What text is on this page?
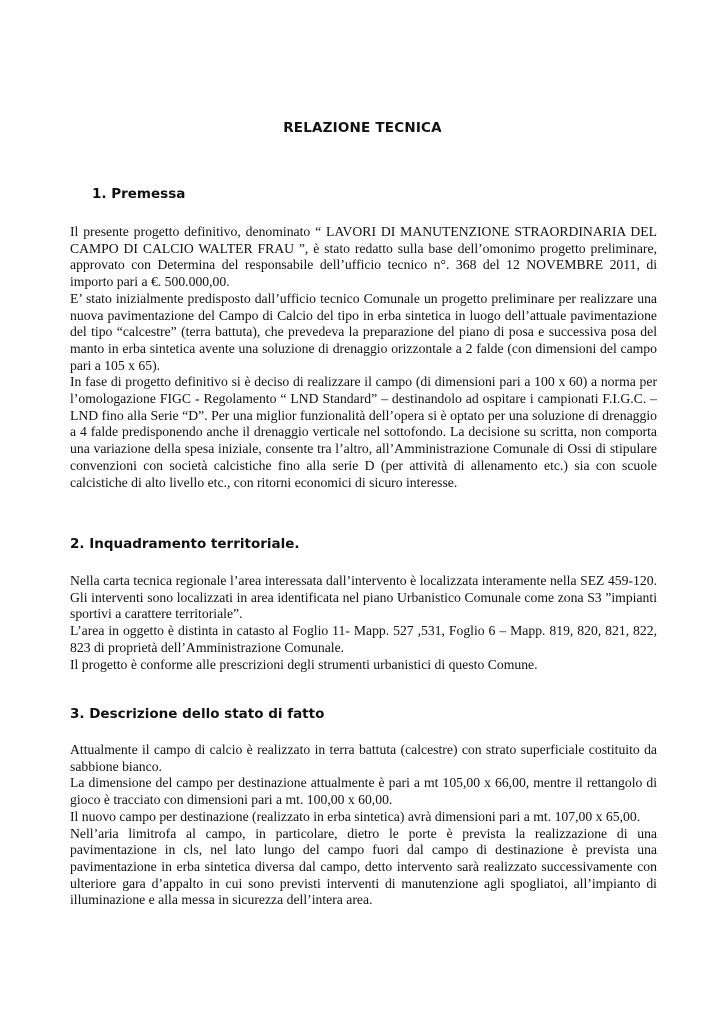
RELAZIONE TECNICA
1. Premessa

Il presente progetto definitivo, denominato “ LAVORI DI MANUTENZIONE STRAORDINARIA DEL CAMPO DI CALCIO WALTER FRAU ”, è stato redatto sulla base dell’omonimo progetto preliminare, approvato con Determina del responsabile dell’ufficio tecnico n°. 368 del 12 NOVEMBRE 2011, di importo pari a €. 500.000,00.

E’ stato inizialmente predisposto dall’ufficio tecnico Comunale un progetto preliminare per realizzare una nuova pavimentazione del Campo di Calcio del tipo in erba sintetica in luogo dell’attuale pavimentazione del tipo “calcestre” (terra battuta), che prevedeva la preparazione del piano di posa e successiva posa del manto in erba sintetica avente una soluzione di drenaggio orizzontale a 2 falde (con dimensioni del campo pari a 105 x 65).

In fase di progetto definitivo si è deciso di realizzare il campo (di dimensioni pari a 100 x 60) a norma per l’omologazione FIGC - Regolamento “ LND Standard” – destinandolo ad ospitare i campionati F.I.G.C. – LND fino alla Serie “D”. Per una miglior funzionalità dell’opera si è optato per una soluzione di drenaggio a 4 falde predisponendo anche il drenaggio verticale nel sottofondo. La decisione su scritta, non comporta una variazione della spesa iniziale, consente tra l’altro, all’Amministrazione Comunale di Ossi di stipulare convenzioni con società calcistiche fino alla serie D (per attività di allenamento etc.) sia con scuole calcistiche di alto livello etc., con ritorni economici di sicuro interesse.

2. Inquadramento territoriale.

Nella carta tecnica regionale l’area interessata dall’intervento è localizzata interamente nella SEZ 459-120. Gli interventi sono localizzati in area identificata nel piano Urbanistico Comunale come zona S3 ”impianti sportivi a carattere territoriale”.

L’area in oggetto è distinta in catasto al Foglio 11- Mapp. 527 ,531, Foglio 6 – Mapp. 819, 820, 821, 822, 823 di proprietà dell’Amministrazione Comunale.

Il progetto è conforme alle prescrizioni degli strumenti urbanistici di questo Comune.

3. Descrizione dello stato di fatto

Attualmente il campo di calcio è realizzato in terra battuta (calcestre) con strato superficiale costituito da sabbione bianco.

La dimensione del campo per destinazione attualmente è pari a mt 105,00 x 66,00, mentre il rettangolo di gioco è tracciato con dimensioni pari a mt. 100,00 x 60,00.

Il nuovo campo per destinazione (realizzato in erba sintetica) avrà dimensioni pari a mt. 107,00 x 65,00.

Nell’aria limitrofa al campo, in particolare, dietro le porte è prevista la realizzazione di una pavimentazione in cls, nel lato lungo del campo fuori dal campo di destinazione è prevista una pavimentazione in erba sintetica diversa dal campo, detto intervento sarà realizzato successivamente con ulteriore gara d’appalto in cui sono previsti interventi di manutenzione agli spogliatoi, all’impianto di illuminazione e alla messa in sicurezza dell’intera area.
